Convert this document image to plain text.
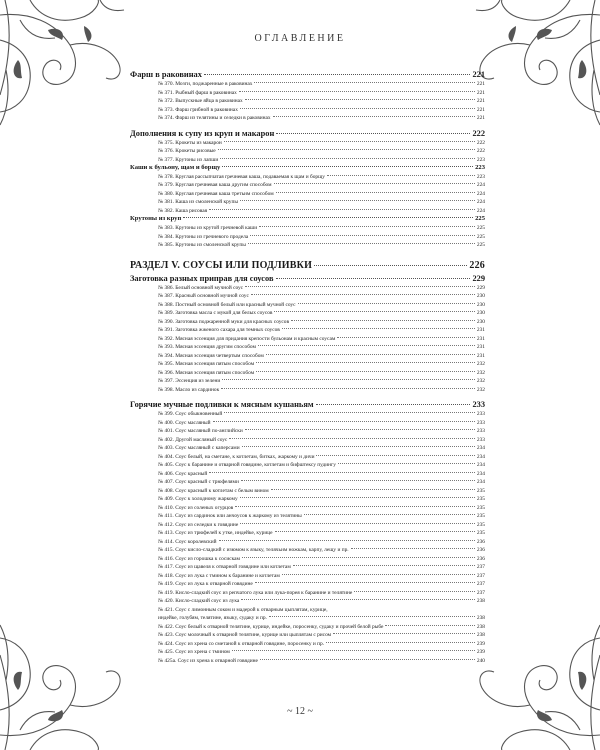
ОГЛАВЛЕНИЕ
Фарш в раковинах	221
№ 370. Мозги, поджаренные в раковинах	221
№ 371. Рыбный фарш в раковинах	221
№ 372. Выпускные яйца в раковинах	221
№ 373. Фарш грибной в раковинах	221
№ 374. Фарш из телятины и селедки в раковинах	221
Дополнения к супу из круп и макарон	222
№ 375. Крокеты из макарон	222
№ 376. Крокеты рисовые	222
№ 377. Крутоны из лапши	223
Каши к бульону, щам и борщу	223
№ 378. Круглая рассыпчатая гречневая каша, подаваемая к щам и борщу	223
№ 379. Круглая гречневая каша другим способом	224
№ 380. Круглая гречневая каша третьим способом	224
№ 381. Каша из смоленской крупы	224
№ 382. Каша рисовая	224
Крутоны из круп	225
№ 383. Крутоны из крутой гречневой каши	225
№ 384. Крутоны из гречневого продела	225
№ 385. Крутоны из смоленской крупы	225
РАЗДЕЛ V. СОУСЫ ИЛИ ПОДЛИВКИ	226
Заготовка разных приправ для соусов	229
№ 386. Белый основной мучной соус	229
№ 387. Красный основной мучной соус	230
№ 388. Постный основной белый или красный мучной соус	230
№ 389. Заготовка масла с мукой для белых соусов	230
№ 390. Заготовка поджаренной муки для красных соусов	230
№ 391. Заготовка жженого сахара для темных соусов	231
№ 392. Мясная эссенция для придания крепости бульонам и красным соусам	231
№ 393. Мясная эссенция другим способом	231
№ 394. Мясная эссенция четвертым способом	231
№ 395. Мясная эссенция пятым способом	232
№ 396. Мясная эссенция пятым способом	232
№ 397. Эссенция из зелени	232
№ 398. Масло из сардинок	232
Горячие мучные подливки к мясным кушаньям	233
№ 399. Соус обыкновенный	233
№ 400. Соус масляный	233
№ 401. Соус масляный по-английски	233
№ 402. Другой масляный соус	233
№ 403. Соус масляный с каперсами	234
№ 404. Соус белый, на сметане, к котлетам, битках, жаркому и дичи	234
№ 405. Соус к баранине и отварной говядине, котлетам и бифштексу пудингу	234
№ 406. Соус красный	234
№ 407. Соус красный с трюфелями	234
№ 408. Соус красный к котлетам с белым вином	235
№ 409. Соус к холодному жаркому	235
№ 410. Соус из соленых огурцов	235
№ 411. Соус из сардинок или анчоусов к жаркому из телятины	235
№ 412. Соус из селедки к говядине	235
№ 413. Соус из трюфелей к утке, индейке, курице	235
№ 414. Соус королевский	236
№ 415. Соус кисло-сладкий с изюмом к языку, телячьим ножкам, карпу, лещу и пр.	236
№ 416. Соус из горошка к сосискам	236
№ 417. Соус из щавеля к отварной говядине или котлетам	237
№ 418. Соус из лука с тмином к баранине и котлетам	237
№ 419. Соус из лука к отварной говядине	237
№ 419. Кисло-сладкий соус из репчатого лука или лука-порея к баранине и телятине	237
№ 420. Кисло-сладкий соус из лука	238
№ 421. Соус с лимонным соком и мадерой к отварным цыплятам, курице,
индейке, голубям, телятине, языку, судаку и пр.	238
№ 422. Соус белый к отварной телятине, курице, индейке, поросенку, судаку и прочей белой рыбе	238
№ 423. Соус молочный к отварной телятине, курице или цыплятам с рисом	238
№ 424. Соус из хрена со сметаной к отварной говядине, поросенку и пр.	239
№ 425. Соус из хрена с тмином	239
№ 425а. Соус из хрена к отварной говядине	240
~ 12 ~
